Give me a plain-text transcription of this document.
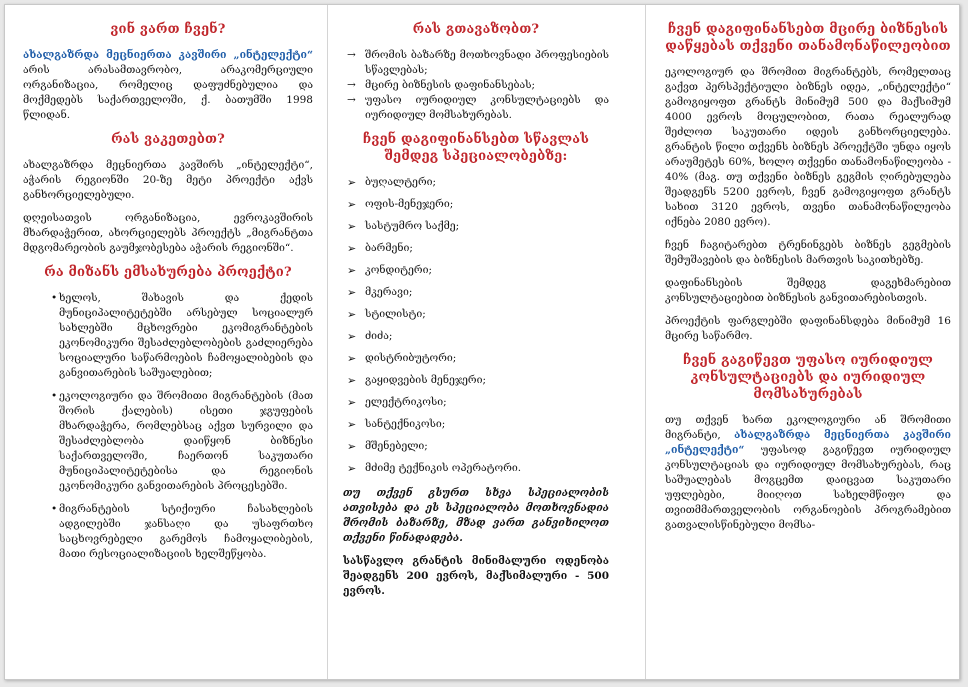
ვინ ვართ ჩვენ?

ახალგაზრდა მეცნიერთა კავშირი „ინტელექტი“ არის არასამთავრობო, არაკომერციული ორგანიზაცია, რომელიც დაფუძნებულია და მოქმედებს საქართველოში, ქ. ბათუმში 1998 წლიდან.

რას ვაკეთებთ?

ახალგაზრდა მეცნიერთა კავშირს „ინტელექტი“, აჭარის რეგიონში 20-ზე მეტი პროექტი აქვს განხორციელებული.

დღეისათვის ორგანიზაცია, ევროკავშირის მხარდაჭერით, ახორციელებს პროექტს „მიგრანტთა მდგომარეობის გაუმჯობესება აჭარის რეგიონში“.

რა მიზანს ემსახურება პროექტი?

• ხელოს, შახავის და ქედის მუნიციპალიტეტებში არსებულ სოციალურ სახლებში მცხოვრები ეკომიგრანტების ეკონომიკური შესაძლებლობების გაძლიერება სოციალური საწარმოების ჩამოყალიბების და განვითარების საშუალებით;

• ეკოლოგიური და შრომითი მიგრანტების (მათ შორის ქალების) ისეთი ჯგუფების მხარდაჭერა, რომლებსაც აქვთ სურვილი და შესაძლებლობა დაიწყონ ბიზნესი საქართველოში, ჩაერთონ საკუთარი მუნიციპალიტეტებისა და რეგიონის ეკონომიკური განვითარების პროცესებში.

• მიგრანტების სტიქიური ჩასახლების ადგილებში ჯანსაღი და უსაფრთხო საცხოვრებელი გარემოს ჩამოყალიბების, მათი რესოციალიზაციის ხელშეწყობა.

რას გთავაზობთ?
→ შრომის ბაზარზე მოთხოვნადი პროფესიების სწავლებას;
→ მცირე ბიზნესის დაფინანსებას;
→ უფასო იურიდიულ კონსულტაციებს და იურიდიულ მომსახურებას.
ჩვენ დაგიფინანსებთ სწავლას შემდეგ სპეციალობებზე:
➢ ბუღალტერი;
➢ ოფის-მენეჯერი;
➢ სასტუმრო საქმე;
➢ ბარმენი;
➢ კონდიტერი;
➢ მკერავი;
➢ სტილისტი;
➢ ძიძა;
➢ დისტრიბუტორი;
➢ გაყიდვების მენეჯერი;
➢ ელექტრიკოსი;
➢ სანტექნიკოსი;
➢ მშენებელი;
➢ მძიმე ტექნიკის ოპერატორი.

თუ თქვენ გსურთ სხვა სპეციალობის ათვისება და ეს სპეციალობა მოთხოვნადია შრომის ბაზარზე, მზად ვართ განვიხილოთ თქვენი წინადადება.

სასწავლო გრანტის მინიმალური ოდენობა შეადგენს 200 ევროს, მაქსიმალური - 500 ევროს.

ჩვენ დაგიფინანსებთ მცირე ბიზნესის დაწყებას თქვენი თანამონაწილეობით

ეკოლოგიურ და შრომით მიგრანტებს, რომელთაც გაქვთ პერსპექტიული ბიზნეს იდეა, „ინტელექტი“ გამოგიყოფთ გრანტს მინიმუმ 500 და მაქსიმუმ 4000 ევროს მოცულობით, რათა რეალურად შეძლოთ საკუთარი იდეის განხორციელება. გრანტის წილი თქვენს ბიზნეს პროექტში უნდა იყოს არაუმეტეს 60%, ხოლო თქვენი თანამონაწილეობა - 40% (მაგ. თუ თქვენი ბიზნეს გეგმის ღირებულება შეადგენს 5200 ევროს, ჩვენ გამოგიყოფთ გრანტს სახით 3120 ევროს, თვენი თანამონაწილეობა იქნება 2080 ევრო).

ჩვენ ჩაგიტარებთ ტრენინგებს ბიზნეს გეგმების შემუშავების და ბიზნესის მართვის საკითხებზე.

დაფინანსების შემდეგ დაგეხმარებით კონსულტაციებით ბიზნესის განვითარებისთვის.

პროექტის ფარგლებში დაფინანსდება მინიმუმ 16 მცირე საწარმო.

ჩვენ გაგიწევთ უფასო იურიდიულ კონსულტაციებს და იურიდიულ მომსახურებას

თუ თქვენ ხართ ეკოლოგიური ან შრომითი მიგრანტი, ახალგაზრდა მეცნიერთა კავშირი „ინტელექტი“ უფასოდ გაგიწევთ იურიდიულ კონსულტაციას და იურიდიულ მომსახურებას, რაც საშუალებას მოგცემთ დაიცვათ საკუთარი უფლებები, მიიღოთ სახელმწიფო და თვითმმართველობის ორგანოების პროგრამებით გათვალისწინებული მომსა-
